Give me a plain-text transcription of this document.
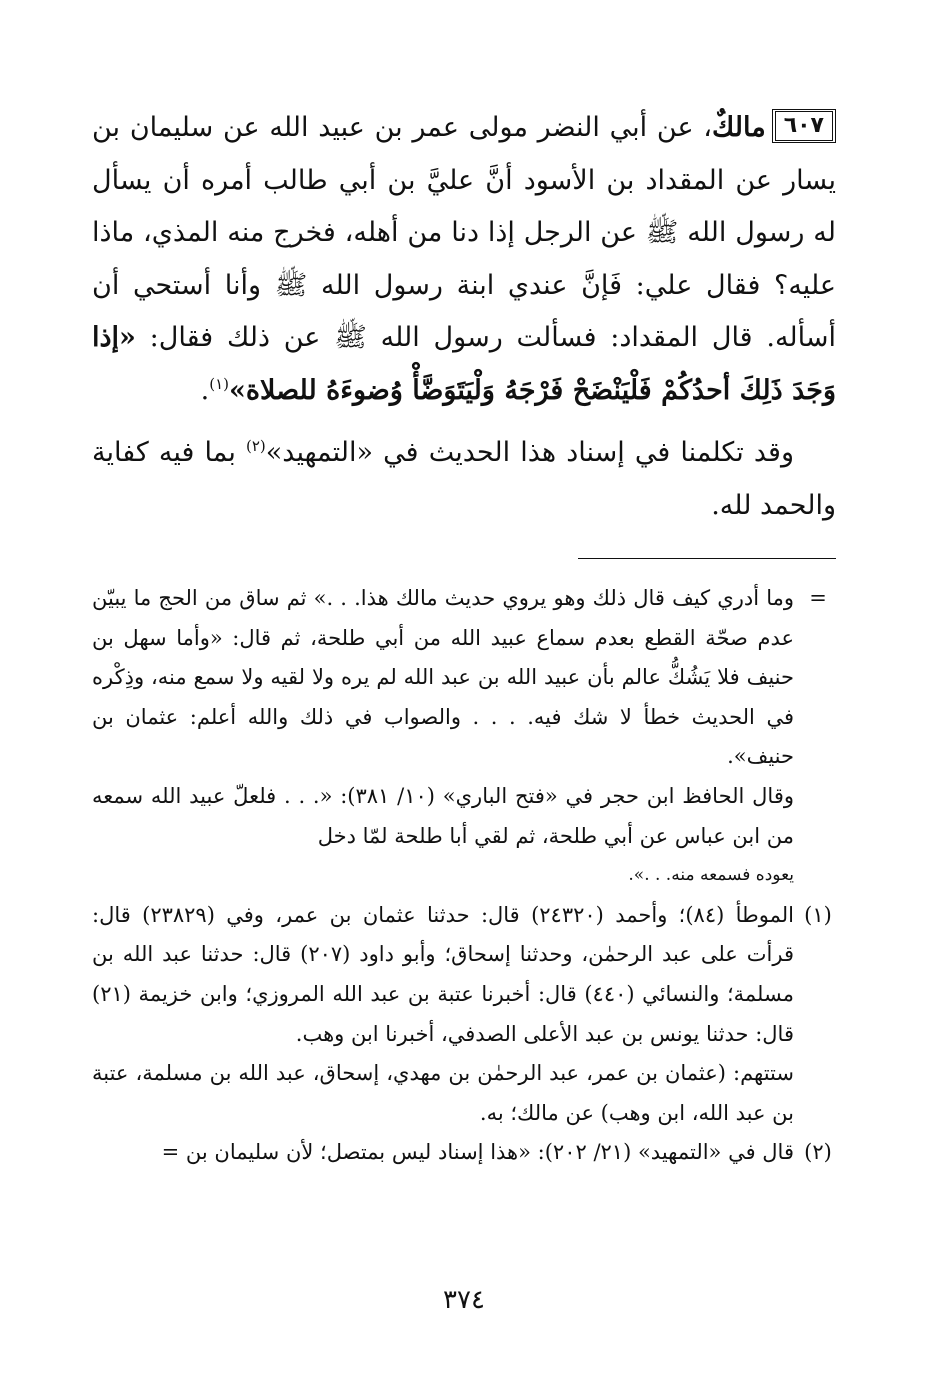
٦٠٧مالكٌ، عن أبي النضر مولى عمر بن عبيد الله عن سليمان بن يسار عن المقداد بن الأسود أنَّ عليَّ بن أبي طالب أمره أن يسأل له رسول الله ﷺ عن الرجل إذا دنا من أهله، فخرج منه المذي، ماذا عليه؟ فقال علي: فَإنَّ عندي ابنة رسول الله ﷺ وأنا أستحي أن أسأله. قال المقداد: فسألت رسول الله ﷺ عن ذلك فقال: «إذا وَجَدَ ذَلِكَ أحدُكُمْ فَلْيَنْضَحْ فَرْجَهُ وَلْيَتَوَضَّأْ وُضوءَهُ للصلاة»$^{(١)}$.

وقد تكلمنا في إسناد هذا الحديث في «التمهيد»$^{(٢)}$ بما فيه كفاية والحمد لله.

=

وما أدري كيف قال ذلك وهو يروي حديث مالك هذا. . .» ثم ساق من الحج ما يبيّن عدم صحّة القطع بعدم سماع عبيد الله من أبي طلحة، ثم قال: «وأما سهل بن حنيف فلا يَشُكُّ عالم بأن عبيد الله بن عبد الله لم يره ولا لقيه ولا سمع منه، وذِكْره في الحديث خطأ لا شك فيه. . . . والصواب في ذلك والله أعلم: عثمان بن حنيف».

وقال الحافظ ابن حجر في «فتح الباري» (١٠/ ٣٨١): «. . . فلعلّ عبيد الله سمعه من ابن عباس عن أبي طلحة، ثم لقي أبا طلحة لمّا دخل

يعوده فسمعه منه. . .».

(١)

الموطأ (٨٤)؛ وأحمد (٢٤٣٢٠) قال: حدثنا عثمان بن عمر، وفي (٢٣٨٢٩) قال: قرأت على عبد الرحمٰن، وحدثنا إسحاق؛ وأبو داود (٢٠٧) قال: حدثنا عبد الله بن مسلمة؛ والنسائي (٤٤٠) قال: أخبرنا عتبة بن عبد الله المروزي؛ وابن خزيمة (٢١) قال: حدثنا يونس بن عبد الأعلى الصدفي، أخبرنا ابن وهب.

ستتهم: (عثمان بن عمر، عبد الرحمٰن بن مهدي، إسحاق، عبد الله بن مسلمة، عتبة بن عبد الله، ابن وهب) عن مالك؛ به.

(٢)

قال في «التمهيد» (٢١/ ٢٠٢): «هذا إسناد ليس بمتصل؛ لأن سليمان بن =

٣٧٤
